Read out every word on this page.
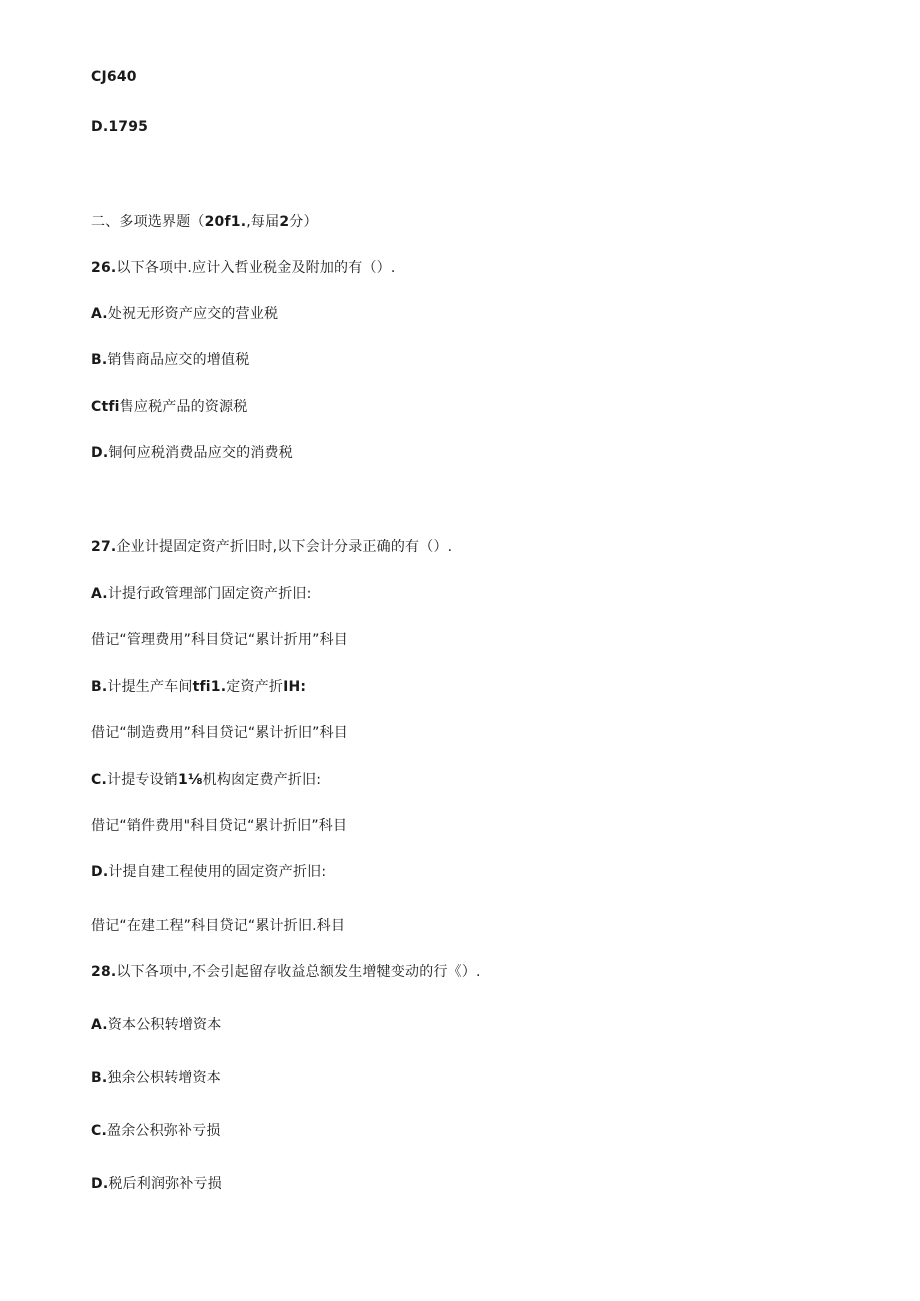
CJ640
D.1795
二、多项选界题（20f1.,每届2分）
26.以下各项中.应计入哲业税金及附加的有（）.
A.处祝无形资产应交的营业税
B.销售商品应交的增值税
Ctfi售应税产品的资源税
D.铜何应税消费品应交的消费税
27.企业计提固定资产折旧时,以下会计分录正确的有（）.
A.计提行政管理部门固定资产折旧:
借记“管理费用”科目贷记“累计折用”科目
B.计提生产车间tfi1.定资产折IH:
借记“制造费用”科目贷记“累计折旧”科目
C.计提专设销1⅛机构囱定费产折旧:
借记“销件费用"科目贷记“累计折旧”科目
D.计提自建工程使用的固定资产折旧:
借记“在建工程”科目贷记“累计折旧.科目
28.以下各项中,不会引起留存收益总额发生增犍变动的行《）.
A.资本公积转增资本
B.独余公枳转增资本
C.盈余公积弥补亏损
D.税后利润弥补亏损
